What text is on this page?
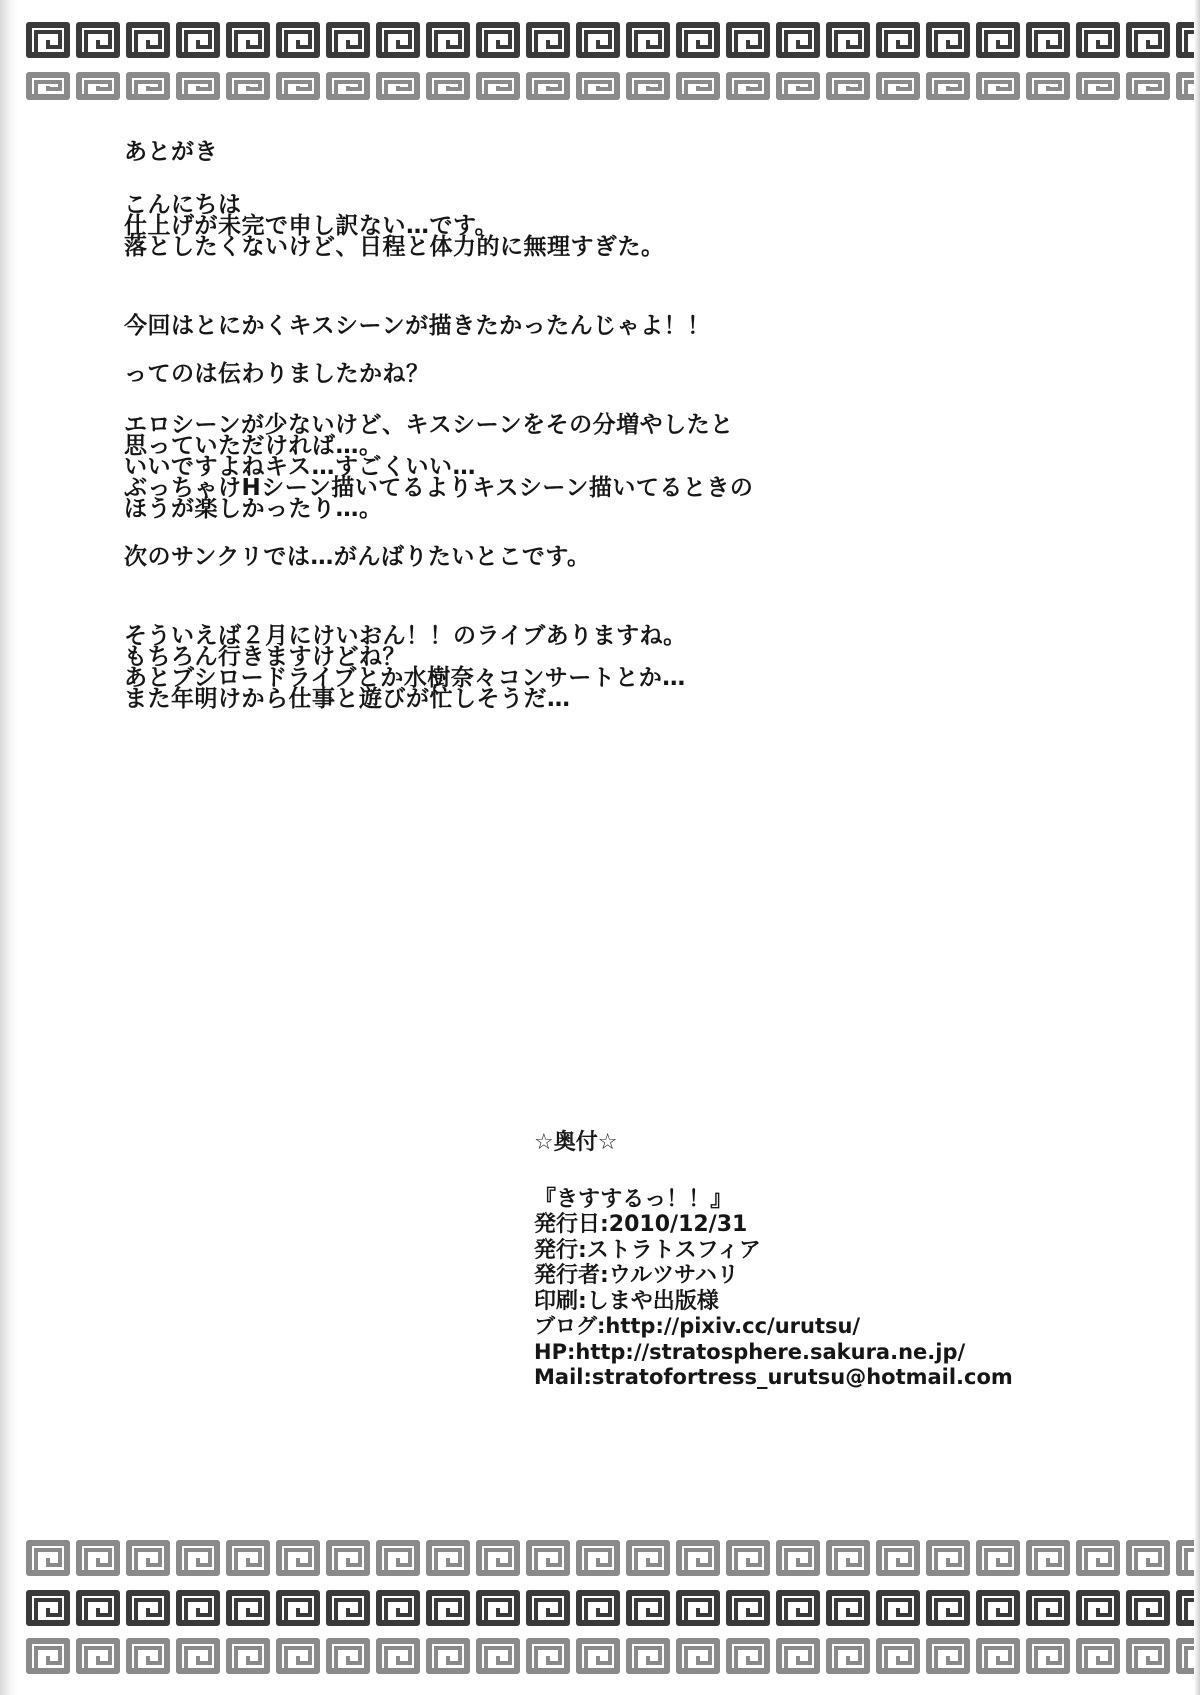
あとがき
こんにちは
仕上げが未完で申し訳ない…です。
落としたくないけど、日程と体力的に無理すぎた。
今回はとにかくキスシーンが描きたかったんじゃよ！！
ってのは伝わりましたかね？
エロシーンが少ないけど、キスシーンをその分増やしたと
思っていただければ…。
いいですよねキス…すごくいい…
ぶっちゃけHシーン描いてるよりキスシーン描いてるときの
ほうが楽しかったり…。
次のサンクリでは…がんばりたいとこです。
そういえば２月にけいおん！！のライブありますね。
もちろん行きますけどね？
あとブシロードライブとか水樹奈々コンサートとか…
また年明けから仕事と遊びが忙しそうだ…
☆奥付☆
『きすするっ！！』
発行日:2010/12/31
発行:ストラトスフィア
発行者:ウルツサハリ
印刷:しまや出版様
ブログ:http://pixiv.cc/urutsu/
HP:http://stratosphere.sakura.ne.jp/
Mail:stratofortress_urutsu@hotmail.com
